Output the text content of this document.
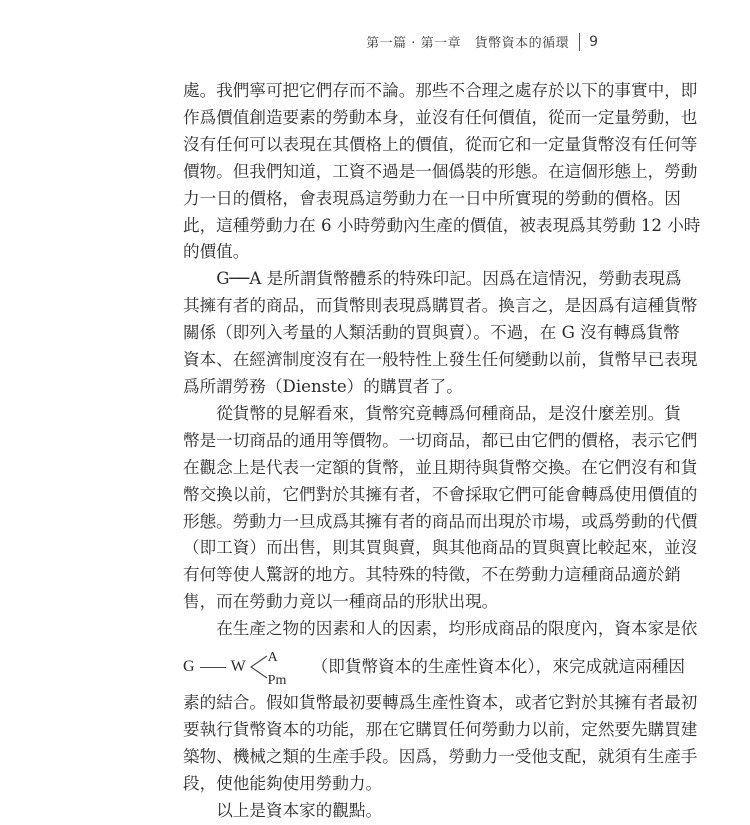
第一篇 · 第一章　貨幣資本的循環 9

處。我們寧可把它們存而不論。那些不合理之處存於以下的事實中，即
作爲價值創造要素的勞動本身，並沒有任何價值，從而一定量勞動，也
沒有任何可以表現在其價格上的價值，從而它和一定量貨幣沒有任何等
價物。但我們知道，工資不過是一個僞裝的形態。在這個形態上，勞動
力一日的價格，會表現爲這勞動力在一日中所實現的勞動的價格。因
此，這種勞動力在 6 小時勞動內生產的價值，被表現爲其勞動 12 小時
的價值。

G──A 是所謂貨幣體系的特殊印記。因爲在這情況，勞動表現爲
其擁有者的商品，而貨幣則表現爲購買者。換言之，是因爲有這種貨幣
關係（即列入考量的人類活動的買與賣）。不過，在 G 沒有轉爲貨幣
資本、在經濟制度沒有在一般特性上發生任何變動以前，貨幣早已表現
爲所謂勞務（Dienste）的購買者了。

從貨幣的見解看來，貨幣究竟轉爲何種商品，是沒什麼差別。貨
幣是一切商品的通用等價物。一切商品，都已由它們的價格，表示它們
在觀念上是代表一定額的貨幣，並且期待與貨幣交換。在它們沒有和貨
幣交換以前，它們對於其擁有者，不會採取它們可能會轉爲使用價值的
形態。勞動力一旦成爲其擁有者的商品而出現於市場，或爲勞動的代價
（即工資）而出售，則其買與賣，與其他商品的買與賣比較起來，並沒
有何等使人驚訝的地方。其特殊的特徵，不在勞動力這種商品適於銷
售，而在勞動力竟以一種商品的形狀出現。

在生產之物的因素和人的因素，均形成商品的限度內，資本家是依
G W
A
Pm
（即貨幣資本的生產性資本化），來完成就這兩種因
素的結合。假如貨幣最初要轉爲生產性資本，或者它對於其擁有者最初
要執行貨幣資本的功能，那在它購買任何勞動力以前，定然要先購買建
築物、機械之類的生產手段。因爲，勞動力一受他支配，就須有生產手
段，使他能夠使用勞動力。

以上是資本家的觀點。
